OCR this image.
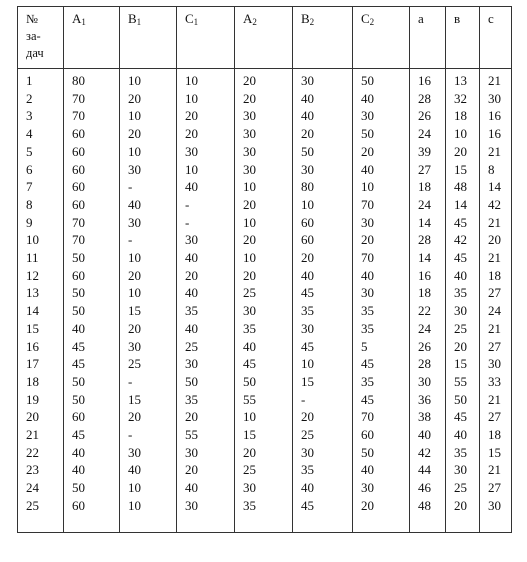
№
за-
дач	$A_1$	$B_1$	$C_1$	$A_2$	$B_2$	$C_2$	a	в	c
1	80	10	10	20	30	50	16	13	21
2	70	20	10	20	40	40	28	32	30
3	70	10	20	30	40	30	26	18	16
4	60	20	20	30	20	50	24	10	16
5	60	10	30	30	50	20	39	20	21
6	60	30	10	30	30	40	27	15	8
7	60	-	40	10	80	10	18	48	14
8	60	40	-	20	10	70	24	14	42
9	70	30	-	10	60	30	14	45	21
10	70	-	30	20	60	20	28	42	20
11	50	10	40	10	20	70	14	45	21
12	60	20	20	20	40	40	16	40	18
13	50	10	40	25	45	30	18	35	27
14	50	15	35	30	35	35	22	30	24
15	40	20	40	35	30	35	24	25	21
16	45	30	25	40	45	5	26	20	27
17	45	25	30	45	10	45	28	15	30
18	50	-	50	50	15	35	30	55	33
19	50	15	35	55	-	45	36	50	21
20	60	20	20	10	20	70	38	45	27
21	45	-	55	15	25	60	40	40	18
22	40	30	30	20	30	50	42	35	15
23	40	40	20	25	35	40	44	30	21
24	50	10	40	30	40	30	46	25	27
25	60	10	30	35	45	20	48	20	30
